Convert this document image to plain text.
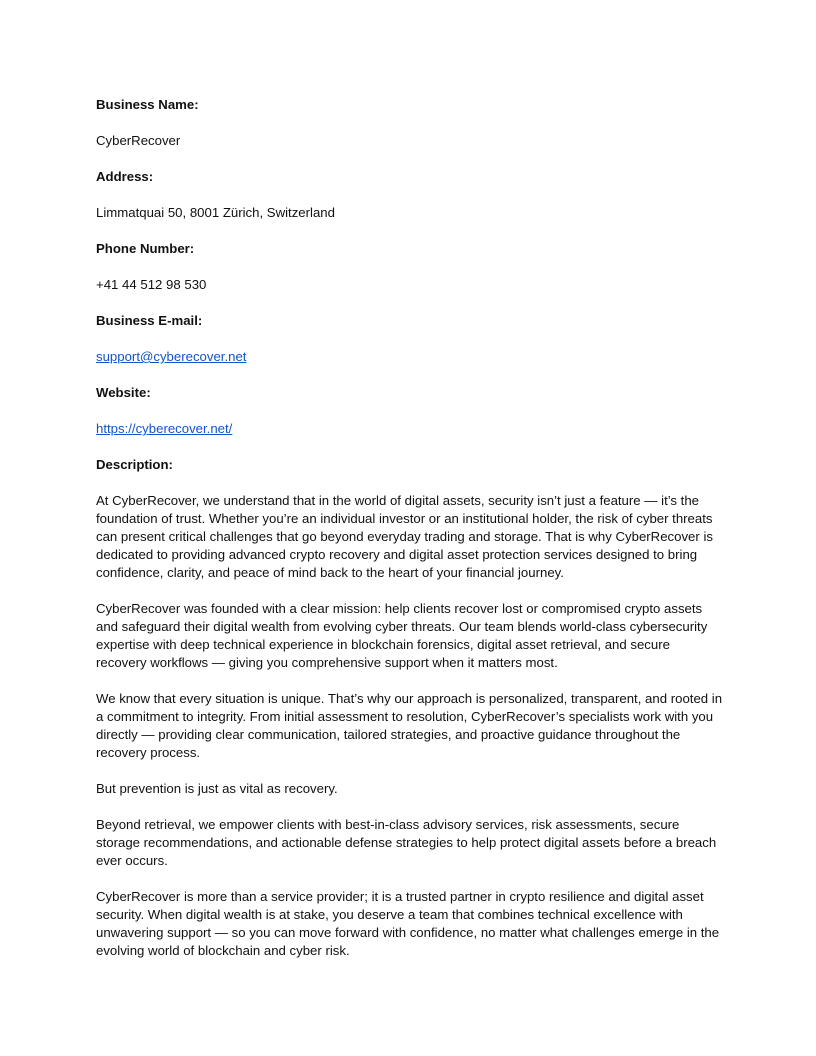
Business Name:

CyberRecover

Address:

Limmatquai 50, 8001 Zürich, Switzerland

Phone Number:

+41 44 512 98 530

Business E-mail:

support@cyberecover.net

Website:

https://cyberecover.net/

Description:

At CyberRecover, we understand that in the world of digital assets, security isn’t just a feature — it’s the foundation of trust. Whether you’re an individual investor or an institutional holder, the risk of cyber threats can present critical challenges that go beyond everyday trading and storage. That is why CyberRecover is dedicated to providing advanced crypto recovery and digital asset protection services designed to bring confidence, clarity, and peace of mind back to the heart of your financial journey.

CyberRecover was founded with a clear mission: help clients recover lost or compromised crypto assets and safeguard their digital wealth from evolving cyber threats. Our team blends world-class cybersecurity expertise with deep technical experience in blockchain forensics, digital asset retrieval, and secure recovery workflows — giving you comprehensive support when it matters most.

We know that every situation is unique. That’s why our approach is personalized, transparent, and rooted in a commitment to integrity. From initial assessment to resolution, CyberRecover’s specialists work with you directly — providing clear communication, tailored strategies, and proactive guidance throughout the recovery process.

But prevention is just as vital as recovery.

Beyond retrieval, we empower clients with best-in-class advisory services, risk assessments, secure storage recommendations, and actionable defense strategies to help protect digital assets before a breach ever occurs.

CyberRecover is more than a service provider; it is a trusted partner in crypto resilience and digital asset security. When digital wealth is at stake, you deserve a team that combines technical excellence with unwavering support — so you can move forward with confidence, no matter what challenges emerge in the evolving world of blockchain and cyber risk.
